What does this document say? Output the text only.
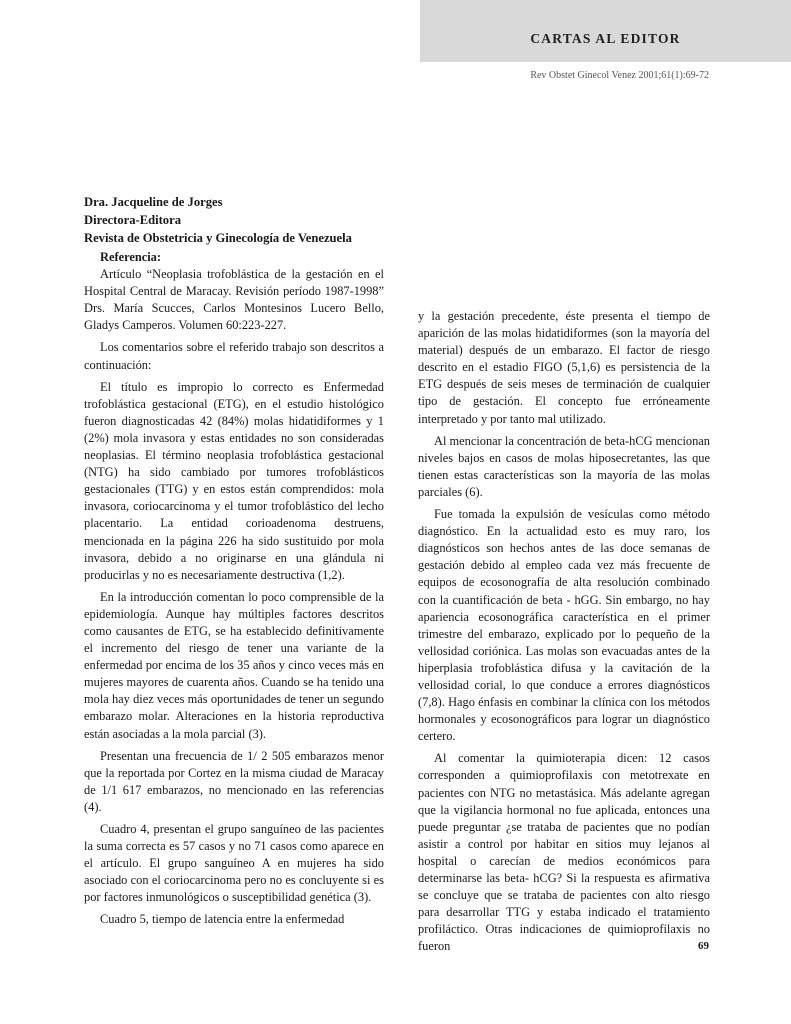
CARTAS AL EDITOR
Rev Obstet Ginecol Venez 2001;61(1):69-72
Dra. Jacqueline de Jorges
Directora-Editora
Revista de Obstetricia y Ginecología de Venezuela

Referencia:

Artículo “Neoplasia trofoblástica de la gestación en el Hospital Central de Maracay. Revisión período 1987-1998” Drs. María Scucces, Carlos Montesinos Lucero Bello, Gladys Camperos. Volumen 60:223-227.

Los comentarios sobre el referido trabajo son descritos a continuación:

El título es impropio lo correcto es Enfermedad trofoblástica gestacional (ETG), en el estudio histológico fueron diagnosticadas 42 (84%) molas hidatidiformes y 1 (2%) mola invasora y estas entidades no son consideradas neoplasias. El término neoplasia trofoblástica gestacional (NTG) ha sido cambiado por tumores trofoblásticos gestacionales (TTG) y en estos están comprendidos: mola invasora, coriocarcinoma y el tumor trofoblástico del lecho placentario. La entidad corioadenoma destruens, mencionada en la página 226 ha sido sustituido por mola invasora, debido a no originarse en una glándula ni producirlas y no es necesariamente destructiva (1,2).

En la introducción comentan lo poco comprensible de la epidemiología. Aunque hay múltiples factores descritos como causantes de ETG, se ha establecido definitivamente el incremento del riesgo de tener una variante de la enfermedad por encima de los 35 años y cinco veces más en mujeres mayores de cuarenta años. Cuando se ha tenido una mola hay diez veces más oportunidades de tener un segundo embarazo molar. Alteraciones en la historia reproductiva están asociadas a la mola parcial (3).

Presentan una frecuencia de 1/ 2 505 embarazos menor que la reportada por Cortez en la misma ciudad de Maracay de 1/1 617 embarazos, no mencionado en las referencias (4).

Cuadro 4, presentan el grupo sanguíneo de las pacientes la suma correcta es 57 casos y no 71 casos como aparece en el artículo. El grupo sanguíneo A en mujeres ha sido asociado con el coriocarcinoma pero no es concluyente si es por factores inmunológicos o susceptibilidad genética (3).

Cuadro 5, tiempo de latencia entre la enfermedad

y la gestación precedente, éste presenta el tiempo de aparición de las molas hidatidiformes (son la mayoría del material) después de un embarazo. El factor de riesgo descrito en el estadio FIGO (5,1,6) es persistencia de la ETG después de seis meses de terminación de cualquier tipo de gestación. El concepto fue erróneamente interpretado y por tanto mal utilizado.

Al mencionar la concentración de beta-hCG mencionan niveles bajos en casos de molas hiposecretantes, las que tienen estas características son la mayoría de las molas parciales (6).

Fue tomada la expulsión de vesículas como método diagnóstico. En la actualidad esto es muy raro, los diagnósticos son hechos antes de las doce semanas de gestación debido al empleo cada vez más frecuente de equipos de ecosonografía de alta resolución combinado con la cuantificación de beta - hGG. Sin embargo, no hay apariencia ecosonográfica característica en el primer trimestre del embarazo, explicado por lo pequeño de la vellosidad coriónica. Las molas son evacuadas antes de la hiperplasia trofoblástica difusa y la cavitación de la vellosidad corial, lo que conduce a errores diagnósticos (7,8). Hago énfasis en combinar la clínica con los métodos hormonales y ecosonográficos para lograr un diagnóstico certero.

Al comentar la quimioterapia dicen: 12 casos corresponden a quimioprofilaxis con metotrexate en pacientes con NTG no metastásica. Más adelante agregan que la vigilancia hormonal no fue aplicada, entonces una puede preguntar ¿se trataba de pacientes que no podían asistir a control por habitar en sitios muy lejanos al hospital o carecían de medios económicos para determinarse las beta- hCG? Si la respuesta es afirmativa se concluye que se trataba de pacientes con alto riesgo para desarrollar TTG y estaba indicado el tratamiento profiláctico. Otras indicaciones de quimioprofilaxis no fueron	69
